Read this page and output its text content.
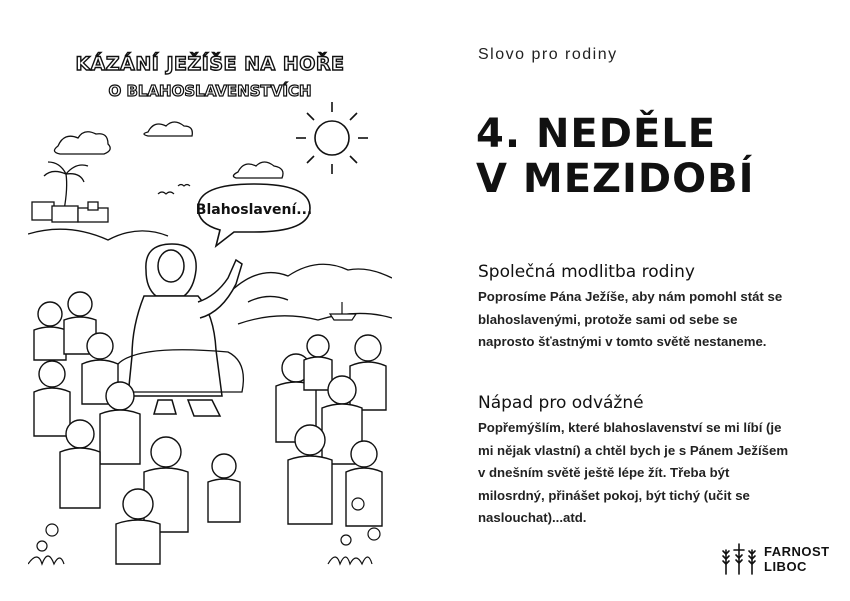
KÁZÁNÍ JEŽÍŠE NA HOŘE
O BLAHOSLAVENSTVÍCH
Blahoslavení...
Slovo pro rodiny
4. NEDĚLE
V MEZIDOBÍ
Společná modlitba rodiny

Poprosíme Pána Ježíše, aby nám pomohl stát se
blahoslavenými, protože sami od sebe se
naprosto šťastnými v tomto světě nestaneme.

Nápad pro odvážné

Popřemýšlím, které blahoslavenství se mi líbí (je
mi nějak vlastní) a chtěl bych je s Pánem Ježíšem
v dnešním světě ještě lépe žít. Třeba být
milosrdný, přinášet pokoj, být tichý (učit se
naslouchat)...atd.

FARNOST
LIBOC
